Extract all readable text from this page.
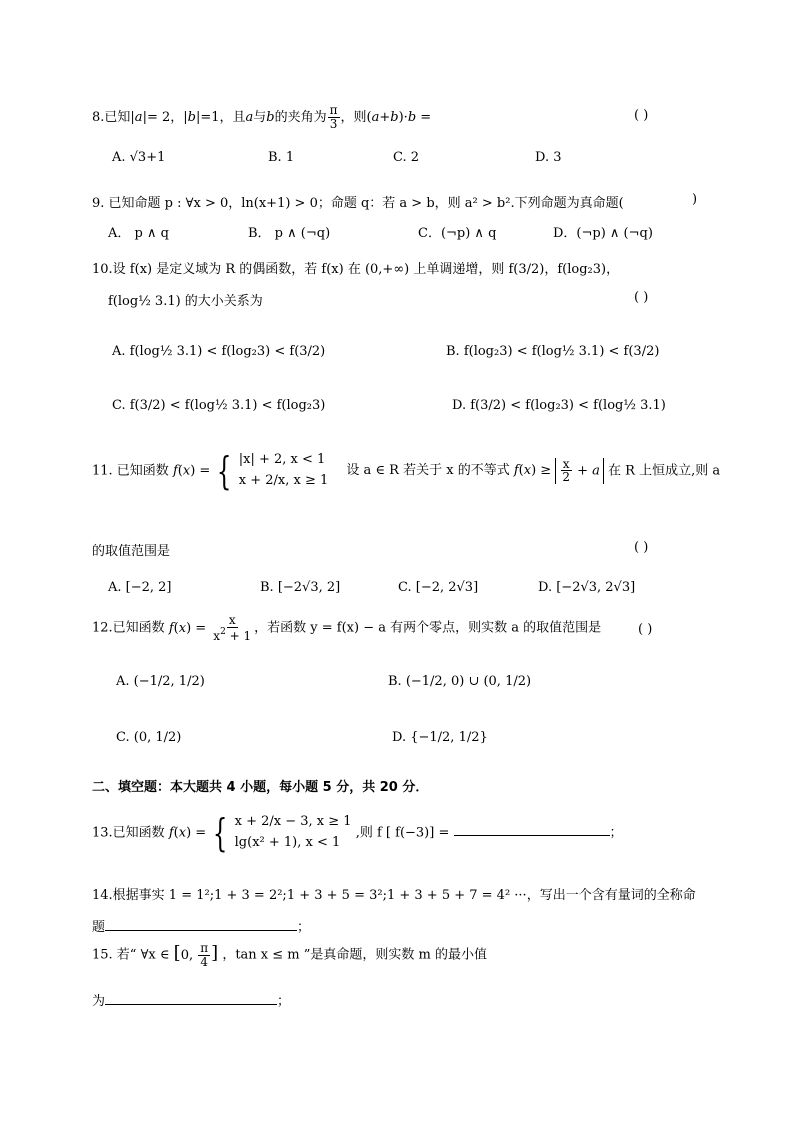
8.已知|a|= 2，|b|=1，且a与b的夹角为 $\frac{\pi}{3}$ ，则(a+b)·b =	( )
A. √3+1	B. 1	C. 2	D. 3
9. 已知命题 p : ∀x > 0，ln(x+1) > 0；命题 q：若 a > b，则 a² > b².下列命题为真命题(	)
A． p ∧ q	B． p ∧ (¬q)	C．(¬p) ∧ q	D．(¬p) ∧ (¬q)
10.设 f(x) 是定义域为 R 的偶函数，若 f(x) 在 (0,+∞) 上单调递增，则 f(3/2)，f(log₂3)，
f(log½ 3.1) 的大小关系为	( )
A. f(log½ 3.1) < f(log₂3) < f(3/2)	B. f(log₂3) < f(log½ 3.1) < f(3/2)
C. f(3/2) < f(log½ 3.1) < f(log₂3)	D. f(3/2) < f(log₂3) < f(log½ 3.1)
11. 已知函数 f(x) = { |x| + 2, x < 1
x + 2/x, x ≥ 1
设 a ∈ R 若关于 x 的不等式 $f(x) \ge \frac{x}{2} + a$ 在 R 上恒成立,则 a
的取值范围是	( )
A. [−2, 2]	B. [−2√3, 2]	C. [−2, 2√3]	D. [−2√3, 2√3]
12.已知函数 $f(x) = \frac{x}{x^2 + 1}$ ，若函数 y = f(x) − a 有两个零点，则实数 a 的取值范围是	( )
A. (−1/2, 1/2)	B. (−1/2, 0) ∪ (0, 1/2)
C. (0, 1/2)	D. {−1/2, 1/2}
二、填空题：本大题共 4 小题，每小题 5 分，共 20 分．
13.已知函数 f(x) = { x + 2/x − 3, x ≥ 1
lg(x² + 1), x < 1
,则 f [ f(−3)] =	；
14.根据事实 1 = 1²;1 + 3 = 2²;1 + 3 + 5 = 3²;1 + 3 + 5 + 7 = 4² ···，写出一个含有量词的全称命
题	；
15. 若“ ∀x ∈ [0, $\frac{\pi}{4}$ ] ，tan x ≤ m ”是真命题，则实数 m 的最小值
为	；
